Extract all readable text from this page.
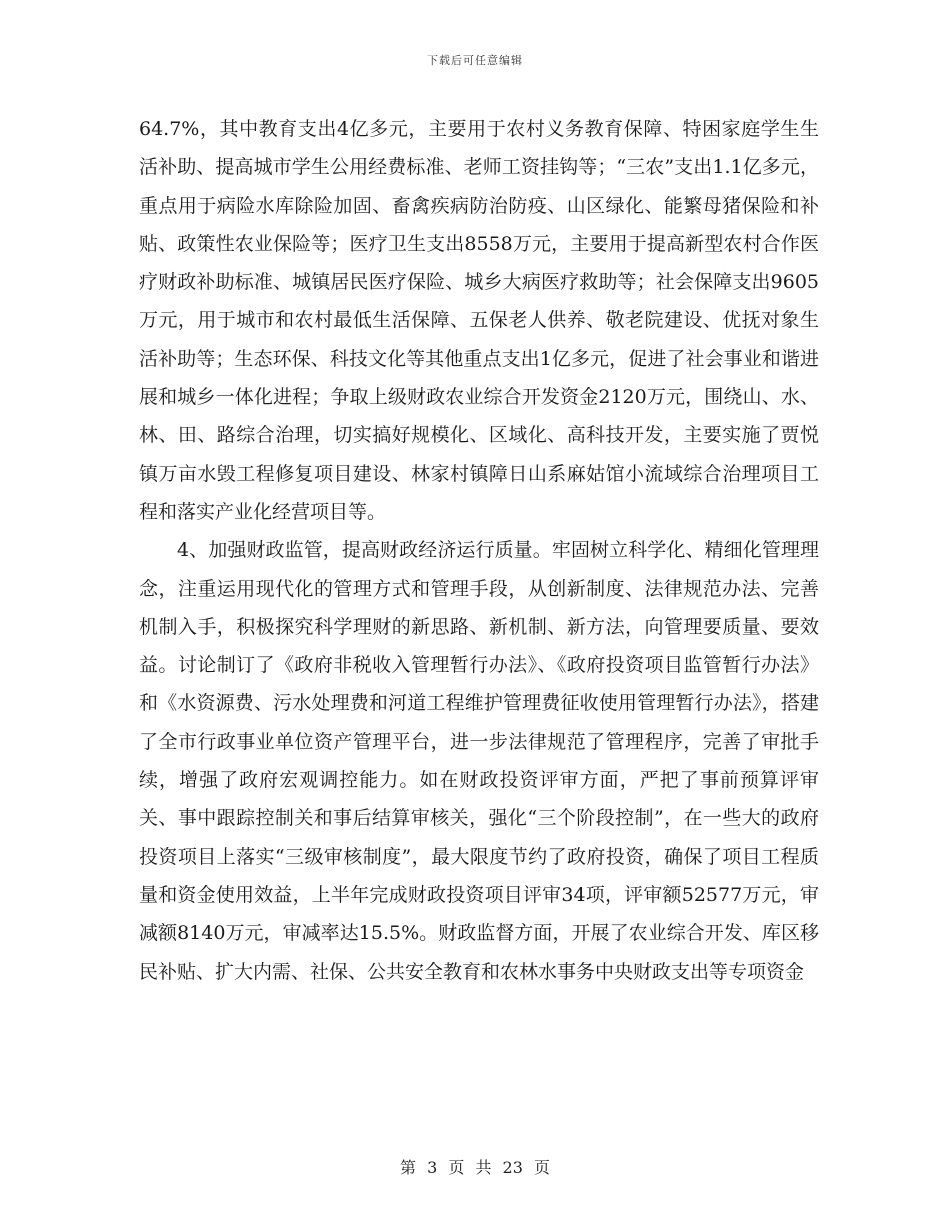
下载后可任意编辑

64.7%，其中教育支出4亿多元，主要用于农村义务教育保障、特困家庭学生生活补助、提高城市学生公用经费标准、老师工资挂钩等；“三农”支出1.1亿多元，重点用于病险水库除险加固、畜禽疾病防治防疫、山区绿化、能繁母猪保险和补贴、政策性农业保险等；医疗卫生支出8558万元，主要用于提高新型农村合作医疗财政补助标准、城镇居民医疗保险、城乡大病医疗救助等；社会保障支出9605万元，用于城市和农村最低生活保障、五保老人供养、敬老院建设、优抚对象生活补助等；生态环保、科技文化等其他重点支出1亿多元，促进了社会事业和谐进展和城乡一体化进程；争取上级财政农业综合开发资金2120万元，围绕山、水、林、田、路综合治理，切实搞好规模化、区域化、高科技开发，主要实施了贾悦镇万亩水毁工程修复项目建设、林家村镇障日山系麻姑馆小流域综合治理项目工程和落实产业化经营项目等。

4、加强财政监管，提高财政经济运行质量。牢固树立科学化、精细化管理理念，注重运用现代化的管理方式和管理手段，从创新制度、法律规范办法、完善机制入手，积极探究科学理财的新思路、新机制、新方法，向管理要质量、要效益。讨论制订了《政府非税收入管理暂行办法》、《政府投资项目监管暂行办法》和《水资源费、污水处理费和河道工程维护管理费征收使用管理暂行办法》，搭建了全市行政事业单位资产管理平台，进一步法律规范了管理程序，完善了审批手续，增强了政府宏观调控能力。如在财政投资评审方面，严把了事前预算评审关、事中跟踪控制关和事后结算审核关，强化“三个阶段控制”，在一些大的政府投资项目上落实“三级审核制度”，最大限度节约了政府投资，确保了项目工程质量和资金使用效益，上半年完成财政投资项目评审34项，评审额52577万元，审减额8140万元，审减率达15.5%。财政监督方面，开展了农业综合开发、库区移民补贴、扩大内需、社保、公共安全教育和农林水事务中央财政支出等专项资金

第 3 页 共 23 页
